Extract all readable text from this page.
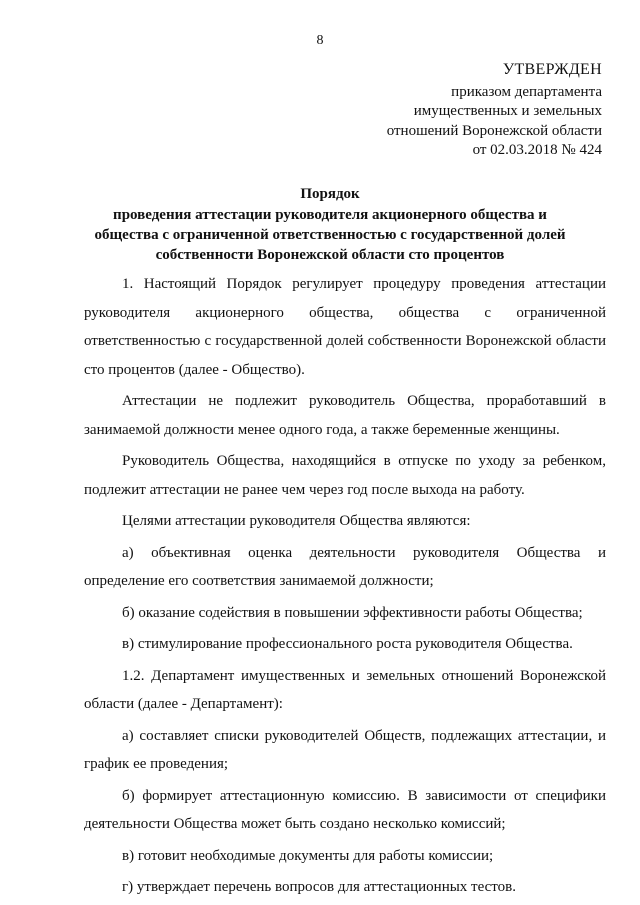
8
УТВЕРЖДЕН
приказом департамента
имущественных и земельных
отношений Воронежской области
от 02.03.2018 № 424
Порядок
проведения аттестации руководителя акционерного общества и
общества с ограниченной ответственностью с государственной долей
собственности Воронежской области сто процентов

1. Настоящий Порядок регулирует процедуру проведения аттестации руководителя акционерного общества, общества с ограниченной ответственностью с государственной долей собственности Воронежской области сто процентов (далее - Общество).

Аттестации не подлежит руководитель Общества, проработавший в занимаемой должности менее одного года, а также беременные женщины.

Руководитель Общества, находящийся в отпуске по уходу за ребенком, подлежит аттестации не ранее чем через год после выхода на работу.

Целями аттестации руководителя Общества являются:

а) объективная оценка деятельности руководителя Общества и определение его соответствия занимаемой должности;

б) оказание содействия в повышении эффективности работы Общества;

в) стимулирование профессионального роста руководителя Общества.

1.2. Департамент имущественных и земельных отношений Воронежской области (далее - Департамент):

а) составляет списки руководителей Обществ, подлежащих аттестации, и график ее проведения;

б) формирует аттестационную комиссию. В зависимости от специфики деятельности Общества может быть создано несколько комиссий;

в) готовит необходимые документы для работы комиссии;

г) утверждает перечень вопросов для аттестационных тестов.
